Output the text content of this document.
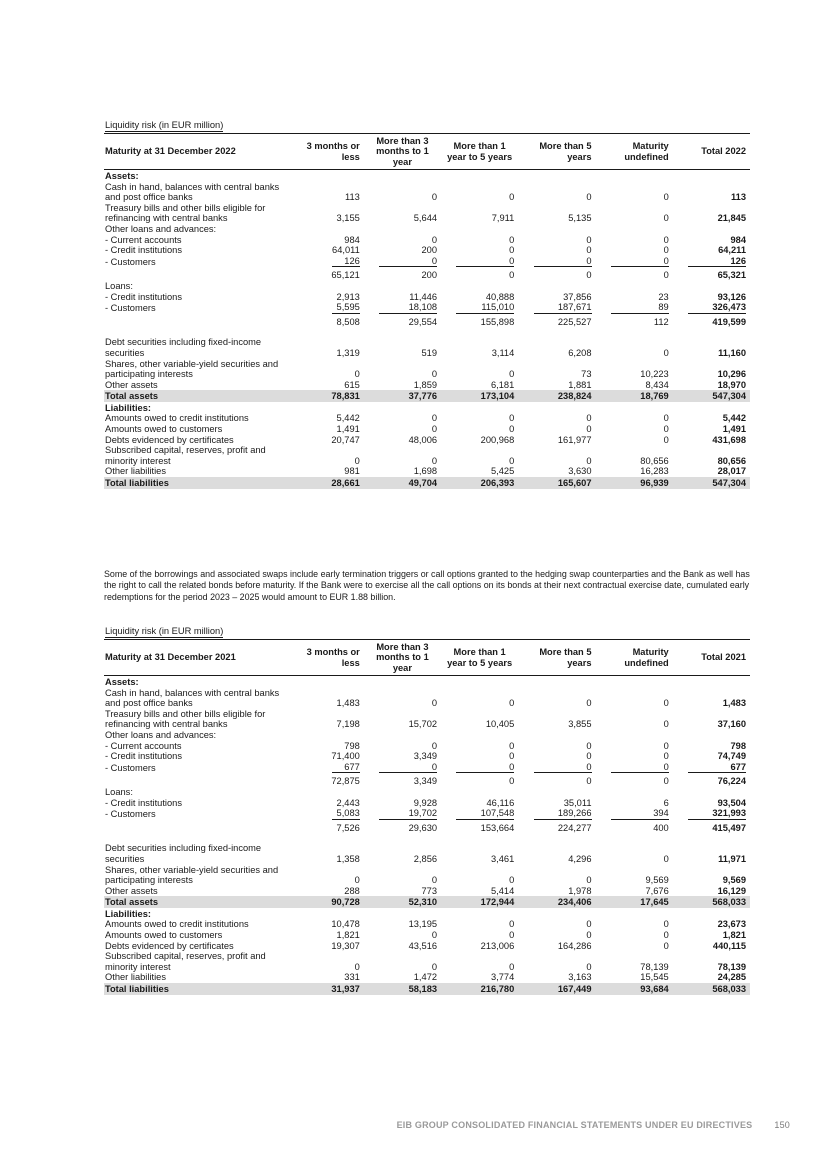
Liquidity risk (in EUR million)
Maturity at 31 December 2022	3 months or less	More than 3 months to 1 year	More than 1 year to 5 years	More than 5 years	Maturity undefined	Total 2022
Assets:						
Cash in hand, balances with central banks and post office banks	113	0	0	0	0	113
Treasury bills and other bills eligible for refinancing with central banks	3,155	5,644	7,911	5,135	0	21,845
Other loans and advances:						
- Current accounts	984	0	0	0	0	984
- Credit institutions	64,011	200	0	0	0	64,211
- Customers	126	0	0	0	0	126
	65,121	200	0	0	0	65,321
Loans:						
- Credit institutions	2,913	11,446	40,888	37,856	23	93,126
- Customers	5,595	18,108	115,010	187,671	89	326,473
	8,508	29,554	155,898	225,527	112	419,599
Debt securities including fixed-income securities	1,319	519	3,114	6,208	0	11,160
Shares, other variable-yield securities and participating interests	0	0	0	73	10,223	10,296
Other assets	615	1,859	6,181	1,881	8,434	18,970
Total assets	78,831	37,776	173,104	238,824	18,769	547,304
Liabilities:						
Amounts owed to credit institutions	5,442	0	0	0	0	5,442
Amounts owed to customers	1,491	0	0	0	0	1,491
Debts evidenced by certificates	20,747	48,006	200,968	161,977	0	431,698
Subscribed capital, reserves, profit and minority interest	0	0	0	0	80,656	80,656
Other liabilities	981	1,698	5,425	3,630	16,283	28,017
Total liabilities	28,661	49,704	206,393	165,607	96,939	547,304

Some of the borrowings and associated swaps include early termination triggers or call options granted to the hedging swap counterparties and the Bank as well has the right to call the related bonds before maturity. If the Bank were to exercise all the call options on its bonds at their next contractual exercise date, cumulated early redemptions for the period 2023 – 2025 would amount to EUR 1.88 billion.

Liquidity risk (in EUR million)
Maturity at 31 December 2021	3 months or less	More than 3 months to 1 year	More than 1 year to 5 years	More than 5 years	Maturity undefined	Total 2021
Assets:						
Cash in hand, balances with central banks and post office banks	1,483	0	0	0	0	1,483
Treasury bills and other bills eligible for refinancing with central banks	7,198	15,702	10,405	3,855	0	37,160
Other loans and advances:						
- Current accounts	798	0	0	0	0	798
- Credit institutions	71,400	3,349	0	0	0	74,749
- Customers	677	0	0	0	0	677
	72,875	3,349	0	0	0	76,224
Loans:						
- Credit institutions	2,443	9,928	46,116	35,011	6	93,504
- Customers	5,083	19,702	107,548	189,266	394	321,993
	7,526	29,630	153,664	224,277	400	415,497
Debt securities including fixed-income securities	1,358	2,856	3,461	4,296	0	11,971
Shares, other variable-yield securities and participating interests	0	0	0	0	9,569	9,569
Other assets	288	773	5,414	1,978	7,676	16,129
Total assets	90,728	52,310	172,944	234,406	17,645	568,033
Liabilities:						
Amounts owed to credit institutions	10,478	13,195	0	0	0	23,673
Amounts owed to customers	1,821	0	0	0	0	1,821
Debts evidenced by certificates	19,307	43,516	213,006	164,286	0	440,115
Subscribed capital, reserves, profit and minority interest	0	0	0	0	78,139	78,139
Other liabilities	331	1,472	3,774	3,163	15,545	24,285
Total liabilities	31,937	58,183	216,780	167,449	93,684	568,033
EIB GROUP CONSOLIDATED FINANCIAL STATEMENTS UNDER EU DIRECTIVES 150
